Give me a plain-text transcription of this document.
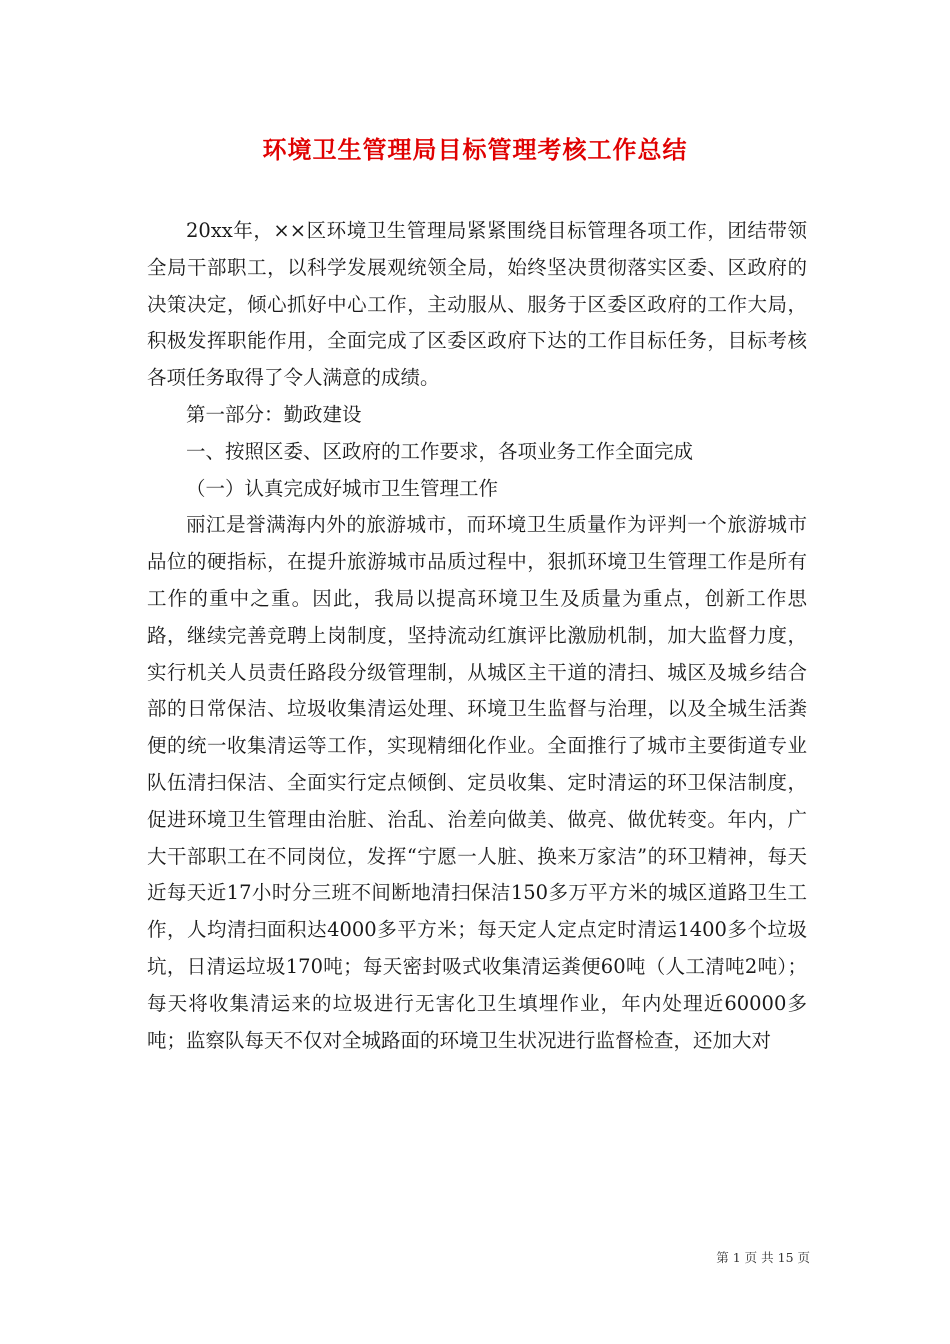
环境卫生管理局目标管理考核工作总结

20xx年，××区环境卫生管理局紧紧围绕目标管理各项工作，团结带领全局干部职工，以科学发展观统领全局，始终坚决贯彻落实区委、区政府的决策决定，倾心抓好中心工作，主动服从、服务于区委区政府的工作大局，积极发挥职能作用，全面完成了区委区政府下达的工作目标任务，目标考核各项任务取得了令人满意的成绩。

第一部分：勤政建设

一、按照区委、区政府的工作要求，各项业务工作全面完成

（一）认真完成好城市卫生管理工作

丽江是誉满海内外的旅游城市，而环境卫生质量作为评判一个旅游城市品位的硬指标，在提升旅游城市品质过程中，狠抓环境卫生管理工作是所有工作的重中之重。因此，我局以提高环境卫生及质量为重点，创新工作思路，继续完善竞聘上岗制度，坚持流动红旗评比激励机制，加大监督力度，实行机关人员责任路段分级管理制，从城区主干道的清扫、城区及城乡结合部的日常保洁、垃圾收集清运处理、环境卫生监督与治理，以及全城生活粪便的统一收集清运等工作，实现精细化作业。全面推行了城市主要街道专业队伍清扫保洁、全面实行定点倾倒、定员收集、定时清运的环卫保洁制度，促进环境卫生管理由治脏、治乱、治差向做美、做亮、做优转变。年内，广大干部职工在不同岗位，发挥“宁愿一人脏、换来万家洁”的环卫精神，每天近每天近17小时分三班不间断地清扫保洁150多万平方米的城区道路卫生工作，人均清扫面积达4000多平方米；每天定人定点定时清运1400多个垃圾坑，日清运垃圾170吨；每天密封吸式收集清运粪便60吨（人工清吨2吨）；每天将收集清运来的垃圾进行无害化卫生填埋作业，年内处理近60000多吨；监察队每天不仅对全城路面的环境卫生状况进行监督检查，还加大对

第 1 页 共 15 页
